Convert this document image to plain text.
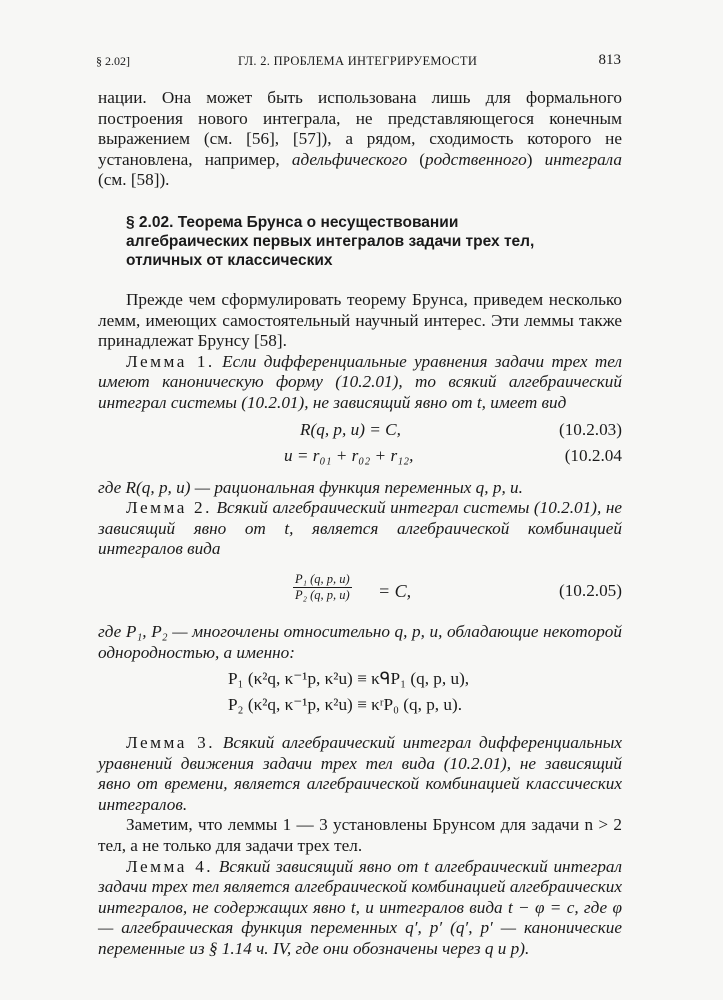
§ 2.02]	ГЛ. 2. ПРОБЛЕМА ИНТЕГРИРУЕМОСТИ	813

нации. Она может быть использована лишь для формального построения нового интеграла, не представляющегося конечным выражением (см. [56], [57]), а рядом, сходимость которого не установлена, например, адельфического (родственного) интеграла (см. [58]).

§ 2.02. Теорема Брунса о несуществовании алгебраических первых интегралов задачи трех тел, отличных от классических

Прежде чем сформулировать теорему Брунса, приведем несколько лемм, имеющих самостоятельный научный интерес. Эти леммы также принадлежат Брунсу [58].

Лемма 1. Если дифференциальные уравнения задачи трех тел имеют каноническую форму (10.2.01), то всякий алгебраический интеграл системы (10.2.01), не зависящий явно от t, имеет вид

R(q, p, u) = C,	(10.2.03)
u = r₀₁ + r₀₂ + r₁₂,	(10.2.04

где R(q, p, u) — рациональная функция переменных q, p, u.

Лемма 2. Всякий алгебраический интеграл системы (10.2.01), не зависящий явно от t, является алгебраической комбинацией интегралов вида

$\frac{\text{P₁ (q, p, u)}}{\text{P₂ (q, p, u)}} = C$,	(10.2.05)

где P₁, P₂ — многочлены относительно q, p, u, обладающие некоторой однородностью, а именно:

P₁ (κ²q, κ⁻¹p, κ²u) ≡ κᑫP₁ (q, p, u),
P₂ (κ²q, κ⁻¹p, κ²u) ≡ κʳP₀ (q, p, u).

Лемма 3. Всякий алгебраический интеграл дифференциальных уравнений движения задачи трех тел вида (10.2.01), не зависящий явно от времени, является алгебраической комбинацией классических интегралов.

Заметим, что леммы 1 — 3 установлены Брунсом для задачи n > 2 тел, а не только для задачи трех тел.

Лемма 4. Всякий зависящий явно от t алгебраический интеграл задачи трех тел является алгебраической комбинацией алгебраических интегралов, не содержащих явно t, и интегралов вида t − φ = c, где φ — алгебраическая функция переменных q′, p′ (q′, p′ — канонические переменные из § 1.14 ч. IV, где они обозначены через q и p).
